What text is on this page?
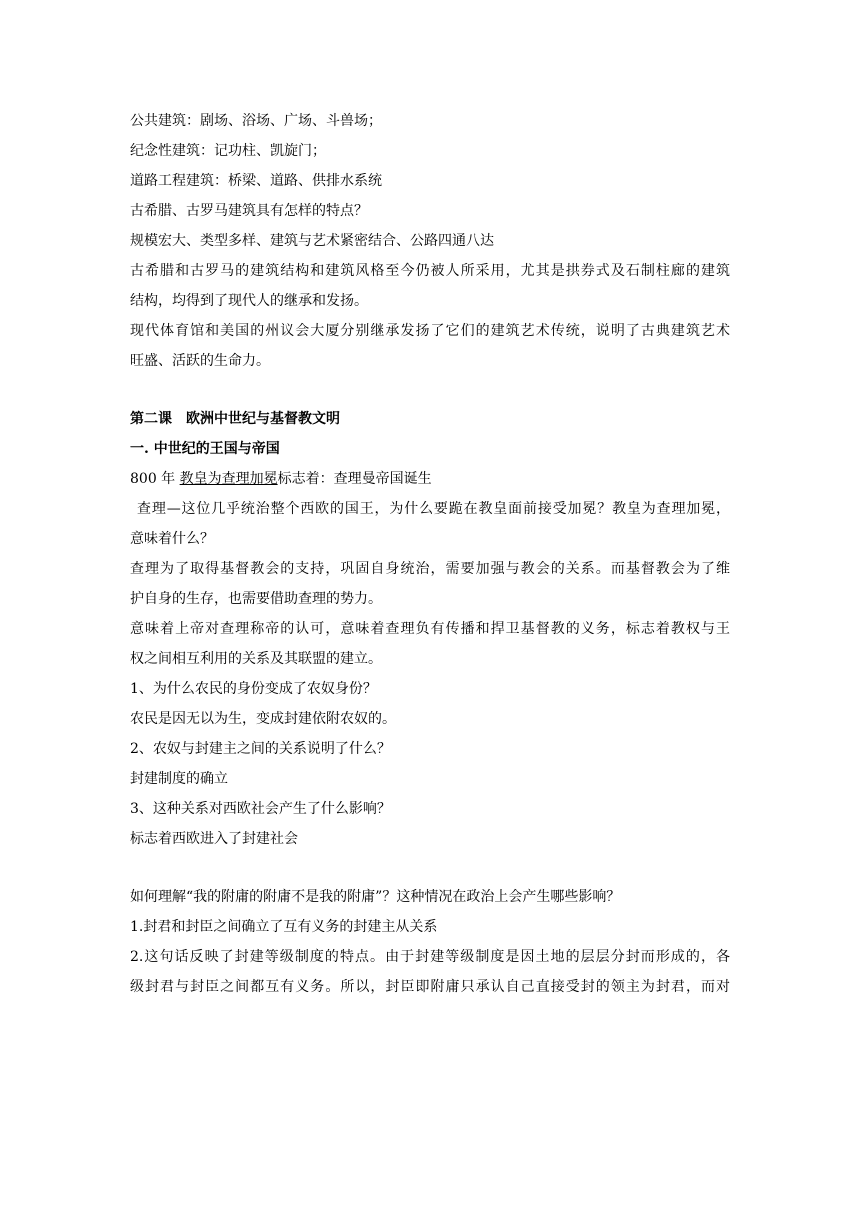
公共建筑：剧场、浴场、广场、斗兽场；
纪念性建筑：记功柱、凯旋门；
道路工程建筑：桥梁、道路、供排水系统
古希腊、古罗马建筑具有怎样的特点？
规模宏大、类型多样、建筑与艺术紧密结合、公路四通八达
古希腊和古罗马的建筑结构和建筑风格至今仍被人所采用，尤其是拱券式及石制柱廊的建筑
结构，均得到了现代人的继承和发扬。
现代体育馆和美国的州议会大厦分别继承发扬了它们的建筑艺术传统，说明了古典建筑艺术
旺盛、活跃的生命力。
第二课　欧洲中世纪与基督教文明
一. 中世纪的王国与帝国
800 年 教皇为查理加冕标志着：查理曼帝国诞生
查理—这位几乎统治整个西欧的国王，为什么要跪在教皇面前接受加冕？教皇为查理加冕，
意味着什么？
查理为了取得基督教会的支持，巩固自身统治，需要加强与教会的关系。而基督教会为了维
护自身的生存，也需要借助查理的势力。
意味着上帝对查理称帝的认可，意味着查理负有传播和捍卫基督教的义务，标志着教权与王
权之间相互利用的关系及其联盟的建立。
1、为什么农民的身份变成了农奴身份？
农民是因无以为生，变成封建依附农奴的。
2、农奴与封建主之间的关系说明了什么？
封建制度的确立
3、这种关系对西欧社会产生了什么影响？
标志着西欧进入了封建社会
如何理解“我的附庸的附庸不是我的附庸”？这种情况在政治上会产生哪些影响？
1.封君和封臣之间确立了互有义务的封建主从关系
2.这句话反映了封建等级制度的特点。由于封建等级制度是因土地的层层分封而形成的，各
级封君与封臣之间都互有义务。所以，封臣即附庸只承认自己直接受封的领主为封君，而对
